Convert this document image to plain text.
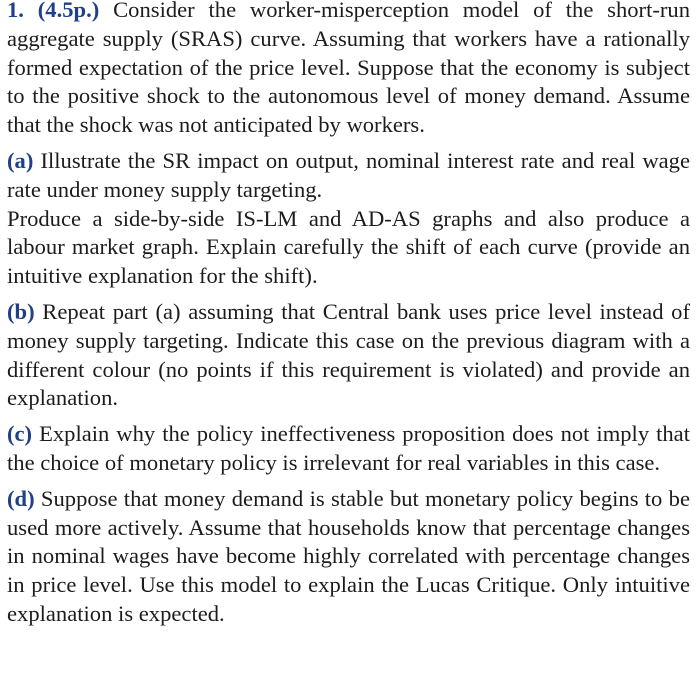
1. (4.5p.) Consider the worker-misperception model of the short-run aggregate supply (SRAS) curve. Assuming that workers have a rationally formed expectation of the price level. Suppose that the economy is subject to the positive shock to the autonomous level of money demand. Assume that the shock was not anticipated by workers.

(a) Illustrate the SR impact on output, nominal interest rate and real wage rate under money supply targeting.

Produce a side-by-side IS-LM and AD-AS graphs and also produce a labour market graph. Explain carefully the shift of each curve (provide an intuitive explanation for the shift).

(b) Repeat part (a) assuming that Central bank uses price level instead of money supply targeting. Indicate this case on the previous diagram with a different colour (no points if this requirement is violated) and provide an explanation.

(c) Explain why the policy ineffectiveness proposition does not imply that the choice of monetary policy is irrelevant for real variables in this case.

(d) Suppose that money demand is stable but monetary policy begins to be used more actively. Assume that households know that percentage changes in nominal wages have become highly correlated with percentage changes in price level. Use this model to explain the Lucas Critique. Only intuitive explanation is expected.
